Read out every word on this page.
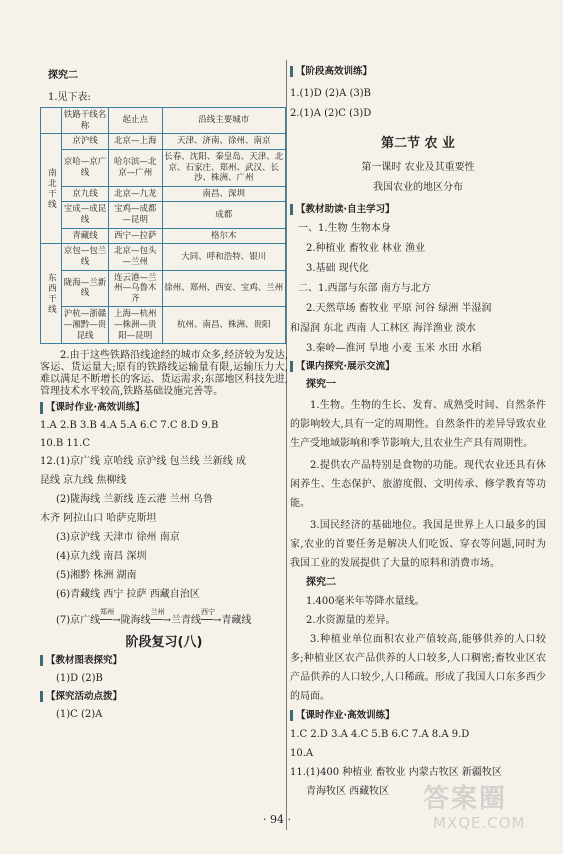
探究二

1.见下表:

	铁路干线名称	起止点	沿线主要城市
南北干线	京沪线	北京—上海	天津、济南、徐州、南京
	京哈—京广线	哈尔滨—北京—广州	长春、沈阳、秦皇岛、天津、北京、石家庄、郑州、武汉、长沙、株洲、广州
	京九线	北京—九龙	南昌、深圳
	宝成—成昆线	宝鸡—成都—昆明	成都
	青藏线	西宁—拉萨	格尔木
东西干线	京包—包兰线	北京—包头—兰州	大同、呼和浩特、银川
	陇海—兰新线	连云港—兰州—乌鲁木齐	徐州、郑州、西安、宝鸡、兰州
	沪杭—浙赣—湘黔—贵昆线	上海—杭州—株洲—贵阳—昆明	杭州、南昌、株洲、贵阳

2.由于这些铁路沿线途经的城市众多,经济较为发达,客运、货运量大;原有的铁路线运输量有限,运输压力大,难以满足不断增长的客运、货运需求;东部地区科技先进,管理技术水平较高,铁路基础设施完善等。

【 课时作业·高效训练 】

1.A 2.B 3.B 4.A 5.A 6.C 7.C 8.D 9.B

10.B 11.C

12.(1)京广线 京哈线 京沪线 包兰线 兰新线 成

昆线 京九线 焦柳线

(2)陇海线 兰新线 连云港 兰州 乌鲁

木齐 阿拉山口 哈萨克斯坦

(3)京沪线 天津市 徐州 南京

(4)京九线 南昌 深圳

(5)湘黔 株洲 湖南

(6)青藏线 西宁 拉萨 西藏自治区

(7)京广线
郑州
──→陇海线
兰州
──→兰青线
西宁
──→青藏线

阶段复习(八)

【 教材图表探究 】

(1)D (2)B

【 探究活动点拨 】

(1)C (2)A

【 阶段高效训练 】

1.(1)D (2)A (3)B

2.(1)A (2)C (3)D

第二节 农 业

第一课时 农业及其重要性

我国农业的地区分布

【 教材助读·自主学习 】

一、1.生物 生物本身

2.种植业 畜牧业 林业 渔业

3.基础 现代化

二、1.西部与东部 南方与北方

2.天然草场 畜牧业 平原 河谷 绿洲 半湿润

和湿润 东北 西南 人工林区 海洋渔业 淡水

3.秦岭—淮河 旱地 小麦 玉米 水田 水稻

【 课内探究·展示交流 】

探究一

1.生物。生物的生长、发育、成熟受时间、自然条件的影响较大,具有一定的周期性。自然条件的差异导致农业生产受地域影响和季节影响大,且农业生产具有周期性。

2.提供农产品特别是食物的功能。现代农业还具有休闲养生、生态保护、旅游度假、文明传承、修学教育等功能。

3.国民经济的基础地位。我国是世界上人口最多的国家,农业的首要任务是解决人们吃饭、穿衣等问题,同时为我国工业的发展提供了大量的原料和消费市场。

探究二

1.400毫米年等降水量线。

2.水资源量的差异。

3.种植业单位面积农业产值较高,能够供养的人口较多;种植业区农产品供养的人口较多,人口稠密;畜牧业区农产品供养的人口较少,人口稀疏。形成了我国人口东多西少的局面。

【 课时作业·高效训练 】

1.C 2.D 3.A 4.C 5.B 6.C 7.A 8.A 9.D

10.A

11.(1)400 种植业 畜牧业 内蒙古牧区 新疆牧区

青海牧区 西藏牧区

· 94 ·
答案圈
MXQE.COM
